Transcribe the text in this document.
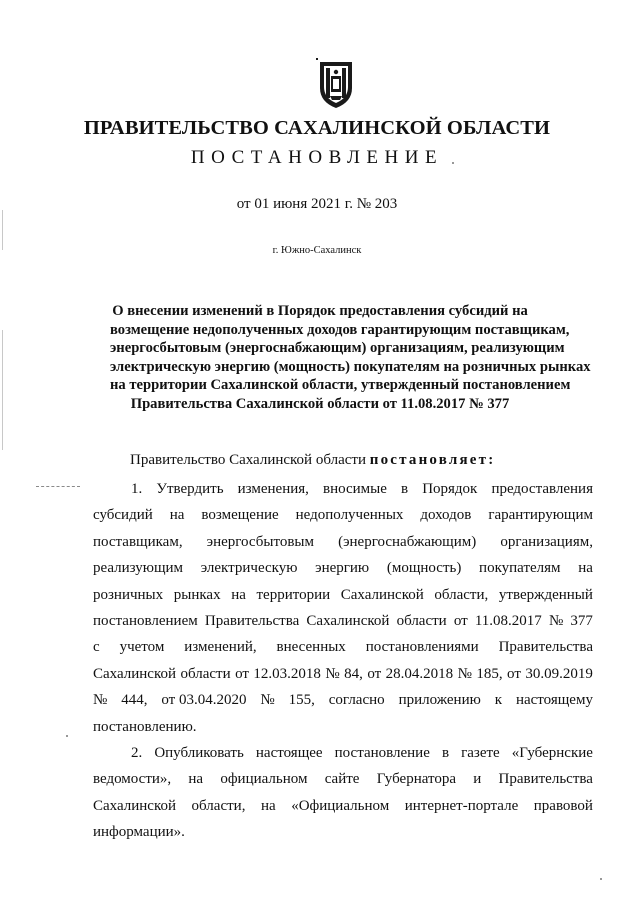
ПРАВИТЕЛЬСТВО САХАЛИНСКОЙ ОБЛАСТИ
ПОСТАНОВЛЕНИЕ
от 01 июня 2021 г. № 203
г. Южно-Сахалинск
О внесении изменений в Порядок предоставления субсидий на
возмещение недополученных доходов гарантирующим поставщикам,
энергосбытовым (энергоснабжающим) организациям, реализующим
электрическую энергию (мощность) покупателям на розничных рынках
на территории Сахалинской области, утвержденный постановлением
Правительства Сахалинской области от 11.08.2017 № 377
Правительство Сахалинской области постановляет:
1. Утвердить изменения, вносимые в Порядок предоставления
субсидий на возмещение недополученных доходов гарантирующим
поставщикам, энергосбытовым (энергоснабжающим) организациям,
реализующим электрическую энергию (мощность) покупателям на
розничных рынках на территории Сахалинской области, утвержденный
постановлением Правительства Сахалинской области от 11.08.2017 № 377
с учетом изменений, внесенных постановлениями Правительства
Сахалинской области от 12.03.2018 № 84, от 28.04.2018 № 185, от 30.09.2019
№ 444, от 03.04.2020 № 155, согласно приложению к настоящему
постановлению.
2. Опубликовать настоящее постановление в газете «Губернские
ведомости», на официальном сайте Губернатора и Правительства
Сахалинской области, на «Официальном интернет-портале правовой
информации».
